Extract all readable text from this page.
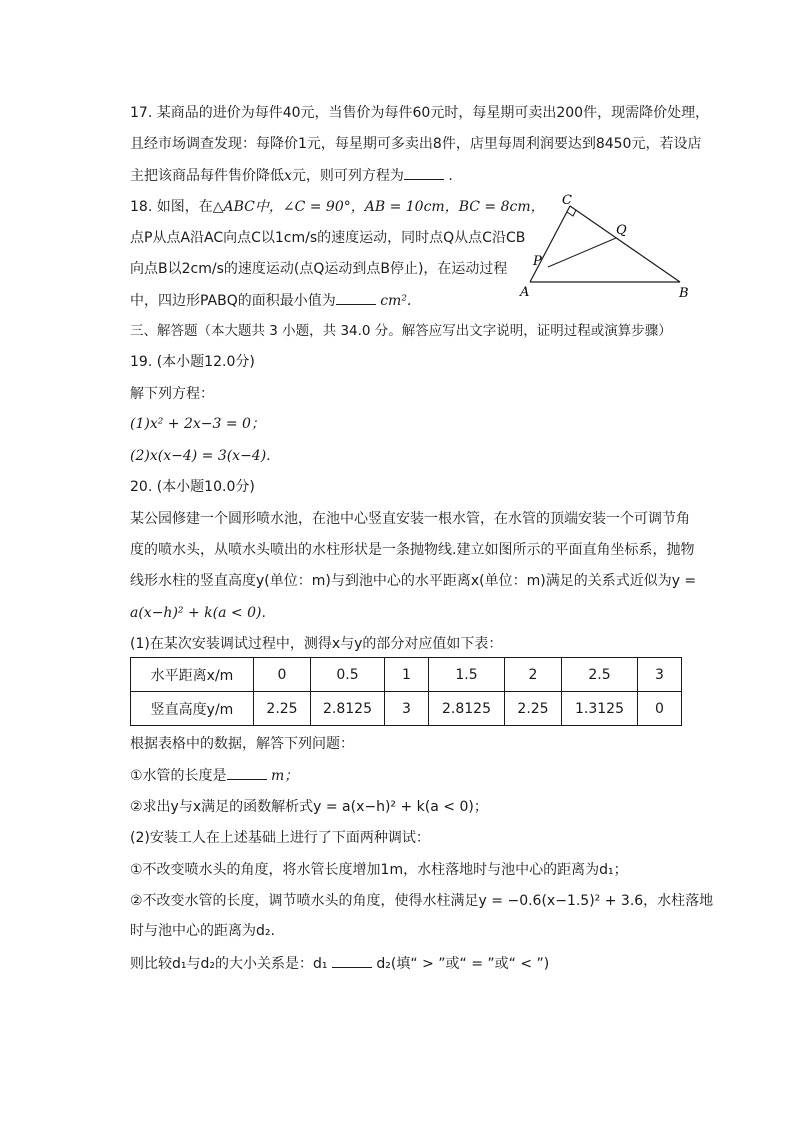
17. 某商品的进价为每件40元，当售价为每件60元时，每星期可卖出200件，现需降价处理，
且经市场调查发现：每降价1元，每星期可多卖出8件，店里每周利润要达到8450元，若设店
主把该商品每件售价降低x元，则可列方程为	.
18. 如图，在△ABC中，∠C = 90°，AB = 10cm，BC = 8cm，
点P从点A沿AC向点C以1cm/s的速度运动，同时点Q从点C沿CB
向点B以2cm/s的速度运动(点Q运动到点B停止)，在运动过程
中，四边形PABQ的面积最小值为	cm².
A	B
C
P
Q
三、解答题（本大题共 3 小题，共 34.0 分。解答应写出文字说明，证明过程或演算步骤）
19. (本小题12.0分)
解下列方程：
(1)x² + 2x−3 = 0；
(2)x(x−4) = 3(x−4).
20. (本小题10.0分)
某公园修建一个圆形喷水池，在池中心竖直安装一根水管，在水管的顶端安装一个可调节角
度的喷水头，从喷水头喷出的水柱形状是一条抛物线.建立如图所示的平面直角坐标系，抛物
线形水柱的竖直高度y(单位：m)与到池中心的水平距离x(单位：m)满足的关系式近似为y =
a(x−h)² + k(a < 0).
(1)在某次安装调试过程中，测得x与y的部分对应值如下表：
水平距离x/m	0	0.5	1	1.5	2	2.5	3
竖直高度y/m	2.25	2.8125	3	2.8125	2.25	1.3125	0
根据表格中的数据，解答下列问题：
①水管的长度是	m；
②求出y与x满足的函数解析式y = a(x−h)² + k(a < 0)；
(2)安装工人在上述基础上进行了下面两种调试：
①不改变喷水头的角度，将水管长度增加1m，水柱落地时与池中心的距离为d₁；
②不改变水管的长度，调节喷水头的角度，使得水柱满足y = −0.6(x−1.5)² + 3.6，水柱落地
时与池中心的距离为d₂.
则比较d₁与d₂的大小关系是：d₁	d₂(填“ > ”或“ = ”或“ < ”)
